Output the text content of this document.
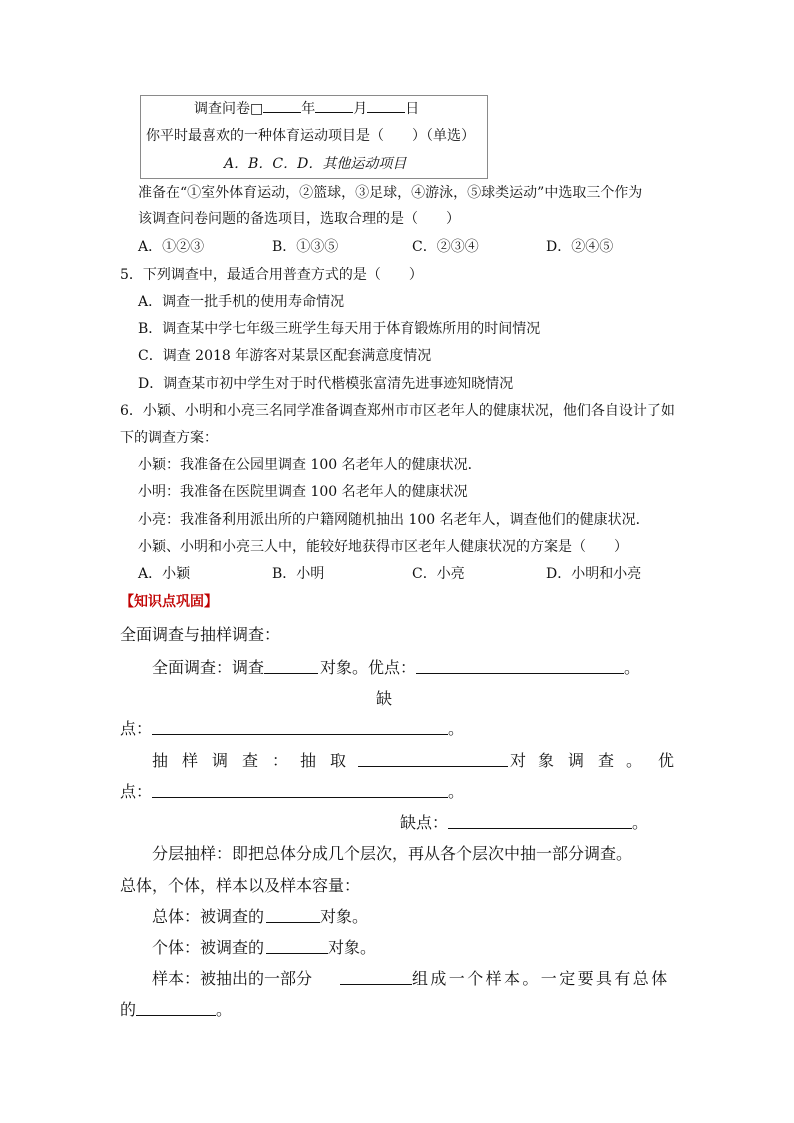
调查问卷□	年	月	日
你平时最喜欢的一种体育运动项目是（　　）（单选）
A．B．C．D．其他运动项目
准备在“①室外体育运动，②篮球，③足球，④游泳，⑤球类运动”中选取三个作为
该调查问卷问题的备选项目，选取合理的是（　　）
A．①②③	B．①③⑤	C．②③④	D．②④⑤
5．下列调查中，最适合用普查方式的是（　　）
A．调查一批手机的使用寿命情况
B．调查某中学七年级三班学生每天用于体育锻炼所用的时间情况
C．调查 2018 年游客对某景区配套满意度情况
D．调查某市初中学生对于时代楷模张富清先进事迹知晓情况
6．小颖、小明和小亮三名同学准备调查郑州市市区老年人的健康状况，他们各自设计了如
下的调查方案：
小颖：我准备在公园里调查 100 名老年人的健康状况．
小明：我准备在医院里调查 100 名老年人的健康状况
小亮：我准备利用派出所的户籍网随机抽出 100 名老年人，调查他们的健康状况．
小颖、小明和小亮三人中，能较好地获得市区老年人健康状况的方案是（　　）
A．小颖	B．小明	C．小亮	D．小明和小亮
【知识点巩固】
全面调查与抽样调查：
全面调查：调查	对象。优点：	。
缺
点：	。
抽 样 调 查 ： 抽 取	对 象 调 查 。 优
点：	。
缺点：	。
分层抽样：即把总体分成几个层次，再从各个层次中抽一部分调查。
总体，个体，样本以及样本容量：
总体：被调查的	对象。
个体：被调查的	对象。
样本：被抽出的一部分	组成一个样本。一定要具有总体
的	。
